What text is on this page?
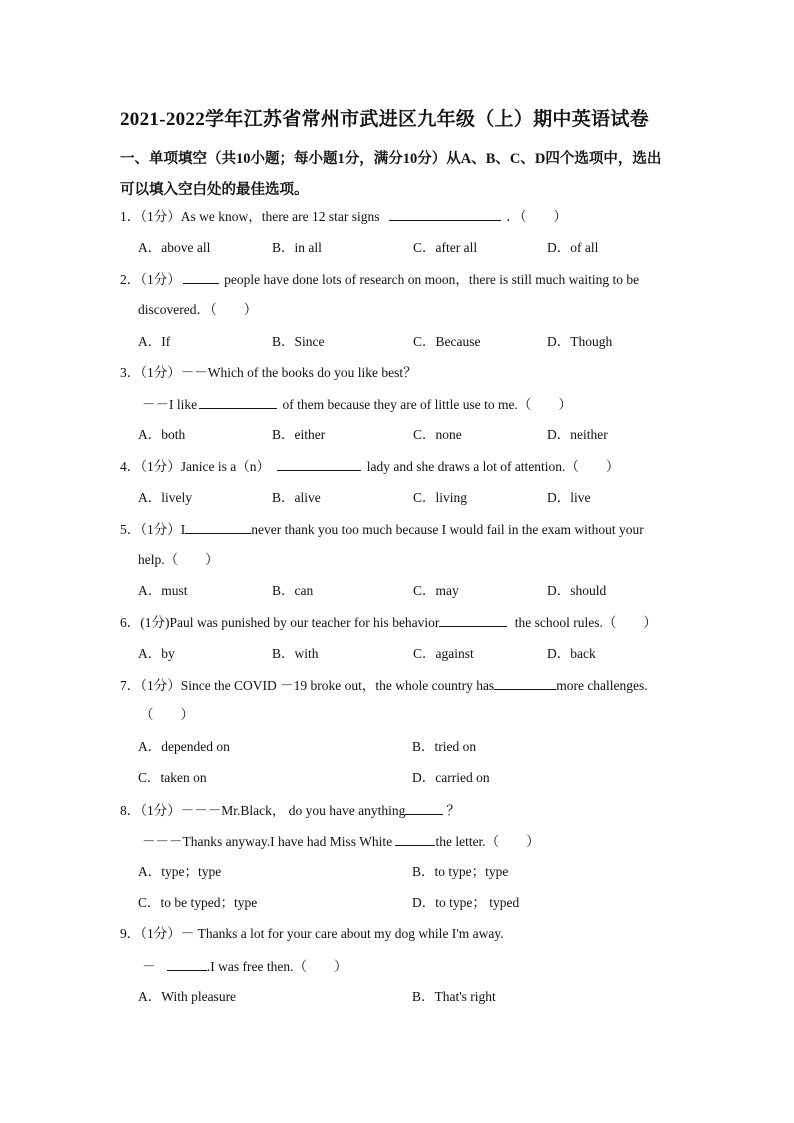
2021-2022学年江苏省常州市武进区九年级（上）期中英语试卷
一、单项填空（共10小题；每小题1分，满分10分）从A、B、C、D四个选项中，选出
可以填入空白处的最佳选项。
1．（1分）As we know，there are 12 star signs	．（　　）
A．above all	B．in all	C．after all	D．of all
2．（1分）	people have done lots of research on moon，there is still much waiting to be
discovered．（　　）
A．If	B．Since	C．Because	D．Though
3．（1分）－－Which of the books do you like best？
－－I like	of them because they are of little use to me.（　　）
A．both	B．either	C．none	D．neither
4．（1分）Janice is a（n）	lady and she draws a lot of attention.（　　）
A．lively	B．alive	C．living	D．live
5．（1分）I	never thank you too much because I would fail in the exam without your
help.（　　）
A．must	B．can	C．may	D．should
6．(1分)Paul was punished by our teacher for his behavior	the school rules.（　　）
A．by	B．with	C．against	D．back
7．（1分）Since the COVID －19 broke out，the whole country has	more challenges.
（　　）
A．depended on	B．tried on
C．taken on	D．carried on
8．（1分）－－－Mr.Black， do you have anything	？
－－－Thanks anyway.I have had Miss White	the letter.（　　）
A．type；type	B．to type；type
C．to be typed；type	D．to type； typed
9．（1分）－ Thanks a lot for your care about my dog while I'm away.
－	.I was free then.（　　）
A．With pleasure	B．That's right
